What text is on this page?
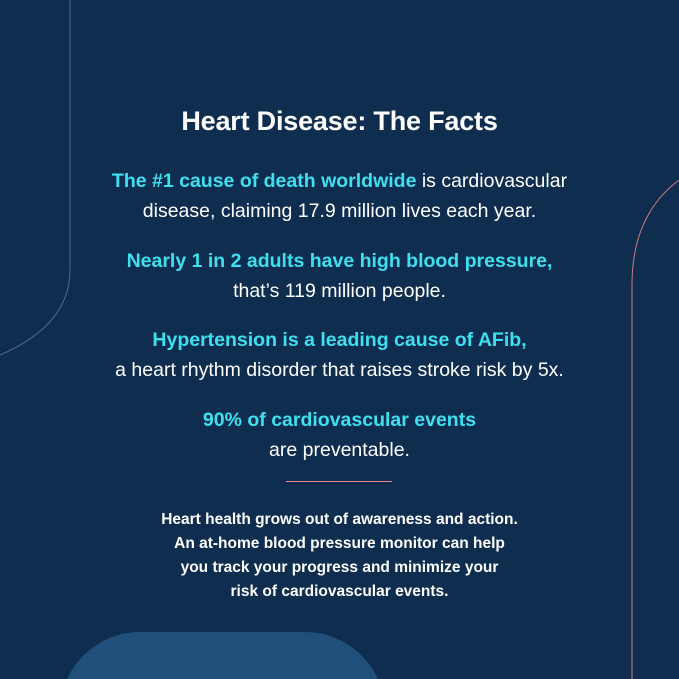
Heart Disease: The Facts
The #1 cause of death worldwide is cardiovascular
disease, claiming 17.9 million lives each year.
Nearly 1 in 2 adults have high blood pressure,
that’s 119 million people.
Hypertension is a leading cause of AFib,
a heart rhythm disorder that raises stroke risk by 5x.
90% of cardiovascular events
are preventable.
Heart health grows out of awareness and action.
An at-home blood pressure monitor can help
you track your progress and minimize your
risk of cardiovascular events.
